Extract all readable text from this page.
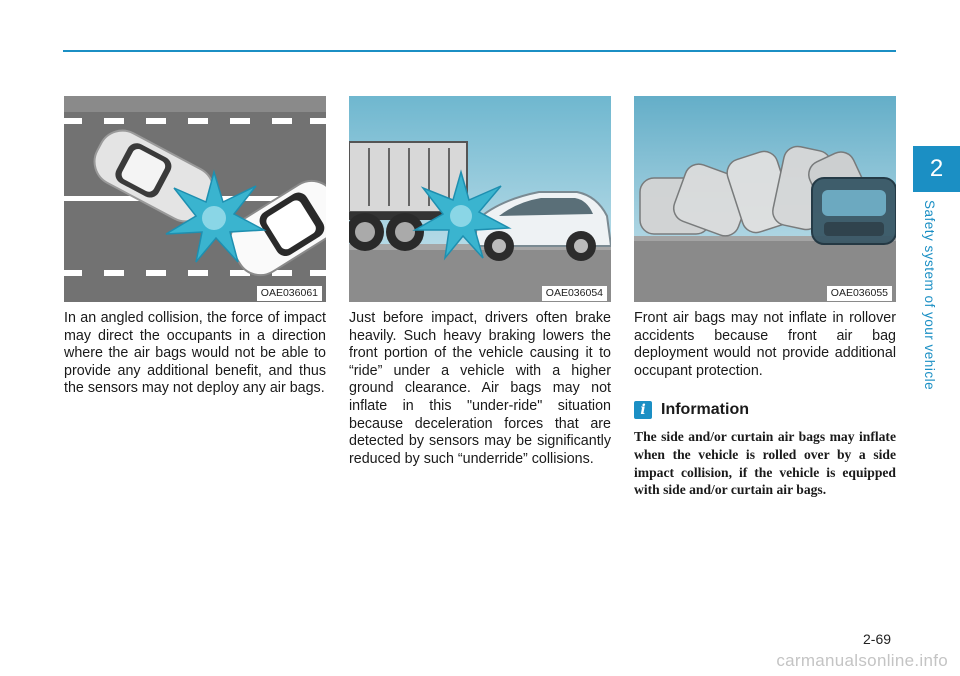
2
Safety system of your vehicle
OAE036061

In an angled collision, the force of impact may direct the occupants in a direction where the air bags would not be able to provide any additional benefit, and thus the sensors may not deploy any air bags.

OAE036054

Just before impact, drivers often brake heavily. Such heavy braking lowers the front portion of the vehicle causing it to “ride” under a vehicle with a higher ground clearance. Air bags may not inflate in this "under-ride" situation because deceleration forces that are detected by sensors may be significantly reduced by such “underride” collisions.

OAE036055

Front air bags may not inflate in rollover accidents because front air bag deployment would not provide additional occupant protection.

i Information

The side and/or curtain air bags may inflate when the vehicle is rolled over by a side impact collision, if the vehicle is equipped with side and/or curtain air bags.

2-69
carmanualsonline.info
